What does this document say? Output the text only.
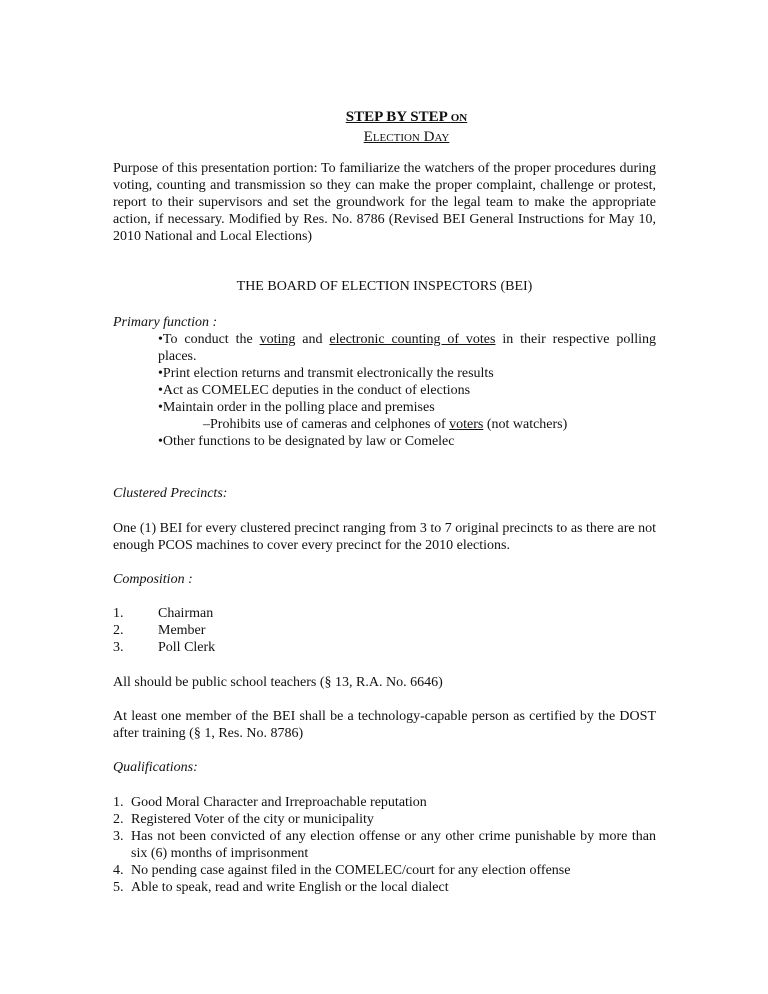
STEP BY STEP on
Election Day

Purpose of this presentation portion: To familiarize the watchers of the proper procedures during voting, counting and transmission so they can make the proper complaint, challenge or protest, report to their supervisors and set the groundwork for the legal team to make the appropriate action, if necessary. Modified by Res. No. 8786 (Revised BEI General Instructions for May 10, 2010 National and Local Elections)

THE BOARD OF ELECTION INSPECTORS (BEI)
Primary function :
•To conduct the voting and electronic counting of votes in their respective polling places.
•Print election returns and transmit electronically the results
•Act as COMELEC deputies in the conduct of elections
•Maintain order in the polling place and premises
–Prohibits use of cameras and celphones of voters (not watchers)
•Other functions to be designated by law or Comelec
Clustered Precincts:

One (1) BEI for every clustered precinct ranging from 3 to 7 original precincts to as there are not enough PCOS machines to cover every precinct for the 2010 elections.

Composition :
1. Chairman
2. Member
3. Poll Clerk

All should be public school teachers (§ 13, R.A. No. 6646)

At least one member of the BEI shall be a technology-capable person as certified by the DOST after training (§ 1, Res. No. 8786)

Qualifications:
1. Good Moral Character and Irreproachable reputation
2. Registered Voter of the city or municipality
3. Has not been convicted of any election offense or any other crime punishable by more than six (6) months of imprisonment
4. No pending case against filed in the COMELEC/court for any election offense
5. Able to speak, read and write English or the local dialect
